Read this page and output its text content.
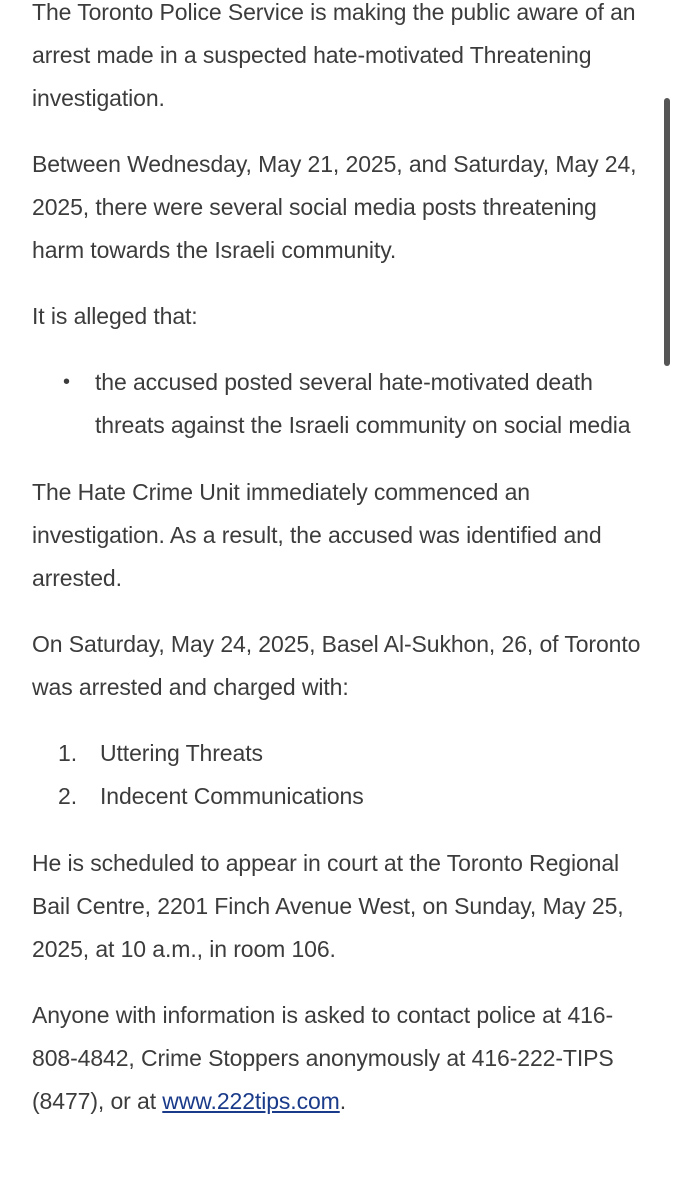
The Toronto Police Service is making the public aware of an arrest made in a suspected hate-motivated Threatening investigation.

Between Wednesday, May 21, 2025, and Saturday, May 24, 2025, there were several social media posts threatening harm towards the Israeli community.

It is alleged that:

•	the accused posted several hate-motivated death threats against the Israeli community on social media

The Hate Crime Unit immediately commenced an investigation. As a result, the accused was identified and arrested.

On Saturday, May 24, 2025, Basel Al-Sukhon, 26, of Toronto was arrested and charged with:

1. Uttering Threats
2. Indecent Communications

He is scheduled to appear in court at the Toronto Regional Bail Centre, 2201 Finch Avenue West, on Sunday, May 25, 2025, at 10 a.m., in room 106.

Anyone with information is asked to contact police at 416-808-4842, Crime Stoppers anonymously at 416-222-TIPS (8477), or at www.222tips.com.
